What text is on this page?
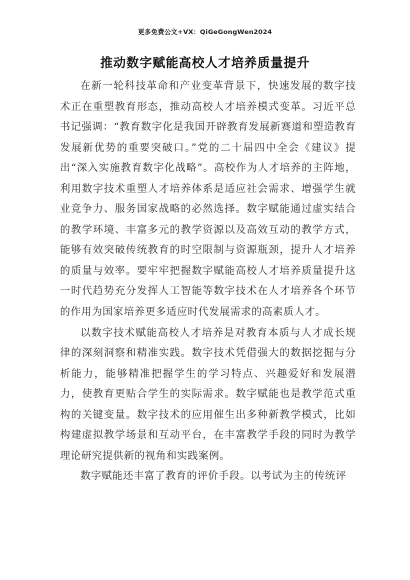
更多免费公文+VX：QiGeGongWen2024
推动数字赋能高校人才培养质量提升

在新一轮科技革命和产业变革背景下，快速发展的数字技术正在重塑教育形态，推动高校人才培养模式变革。习近平总书记强调：“教育数字化是我国开辟教育发展新赛道和塑造教育发展新优势的重要突破口。”党的二十届四中全会《建议》提出“深入实施教育数字化战略”。高校作为人才培养的主阵地，利用数字技术重塑人才培养体系是适应社会需求、增强学生就业竞争力、服务国家战略的必然选择。数字赋能通过虚实结合的教学环境、丰富多元的教学资源以及高效互动的教学方式，能够有效突破传统教育的时空限制与资源瓶颈，提升人才培养的质量与效率。要牢牢把握数字赋能高校人才培养质量提升这一时代趋势充分发挥人工智能等数字技术在人才培养各个环节的作用为国家培养更多适应时代发展需求的高素质人才。

以数字技术赋能高校人才培养是对教育本质与人才成长规律的深刻洞察和精准实践。数字技术凭借强大的数据挖掘与分析能力，能够精准把握学生的学习特点、兴趣爱好和发展潜力，使教育更贴合学生的实际需求。数字赋能也是教学范式重构的关键变量。数字技术的应用催生出多种新教学模式，比如构建虚拟教学场景和互动平台，在丰富教学手段的同时为教学理论研究提供新的视角和实践案例。

数字赋能还丰富了教育的评价手段。以考试为主的传统评
